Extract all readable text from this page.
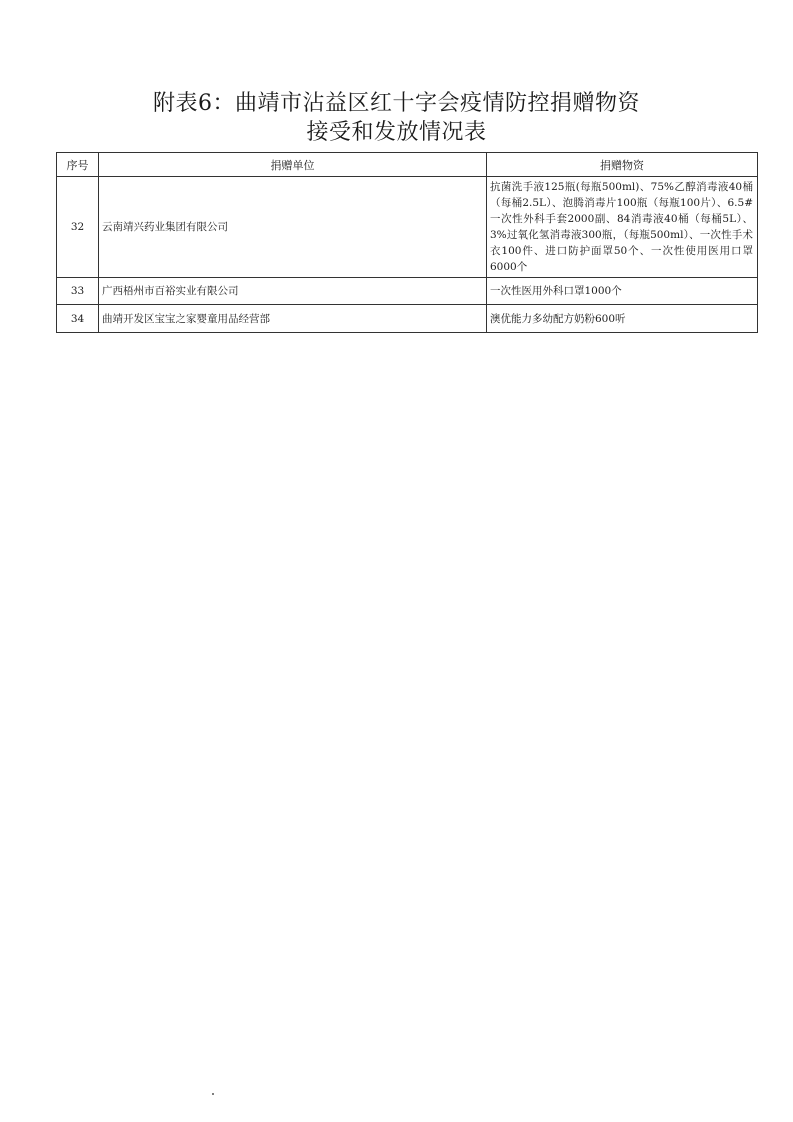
附表6：曲靖市沾益区红十字会疫情防控捐赠物资
接受和发放情况表
序号	捐赠单位	捐赠物资
32	云南靖兴药业集团有限公司	抗菌洗手液125瓶(每瓶500ml)、75%乙醇消毒液40桶（每桶2.5L）、泡腾消毒片100瓶（每瓶100片）、6.5#一次性外科手套2000副、84消毒液40桶（每桶5L）、3%过氧化氢消毒液300瓶，（每瓶500ml）、一次性手术衣100件、进口防护面罩50个、一次性使用医用口罩6000个
33	广西梧州市百裕实业有限公司	一次性医用外科口罩1000个
34	曲靖开发区宝宝之家婴童用品经营部	澳优能力多幼配方奶粉600听
